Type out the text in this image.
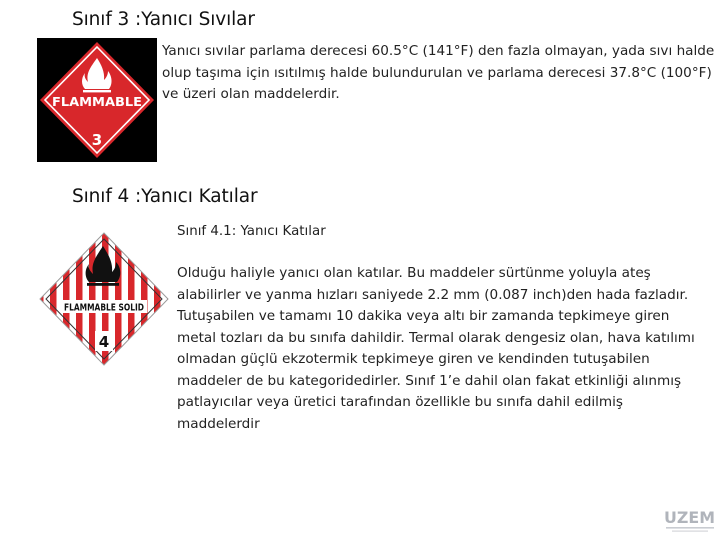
Sınıf 3 :Yanıcı Sıvılar
FLAMMABLE
3

Yanıcı sıvılar parlama derecesi 60.5°C (141°F) den fazla olmayan, yada sıvı halde olup taşıma için ısıtılmış halde bulundurulan ve parlama derecesi 37.8°C (100°F) ve üzeri olan maddelerdir.

Sınıf 4 :Yanıcı Katılar
FLAMMABLE SOLID
4

Sınıf 4.1: Yanıcı Katılar

Olduğu haliyle yanıcı olan katılar. Bu maddeler sürtünme yoluyla ateş alabilirler ve yanma hızları saniyede 2.2 mm (0.087 inch)den hada fazladır. Tutuşabilen ve tamamı 10 dakika veya altı bir zamanda tepkimeye giren metal tozları da bu sınıfa dahildir. Termal olarak dengesiz olan, hava katılımı olmadan güçlü ekzotermik tepkimeye giren ve kendinden tutuşabilen maddeler de bu kategoridedirler. Sınıf 1’e dahil olan fakat etkinliği alınmış patlayıcılar veya üretici tarafından özellikle bu sınıfa dahil edilmiş maddelerdir

UZEM
